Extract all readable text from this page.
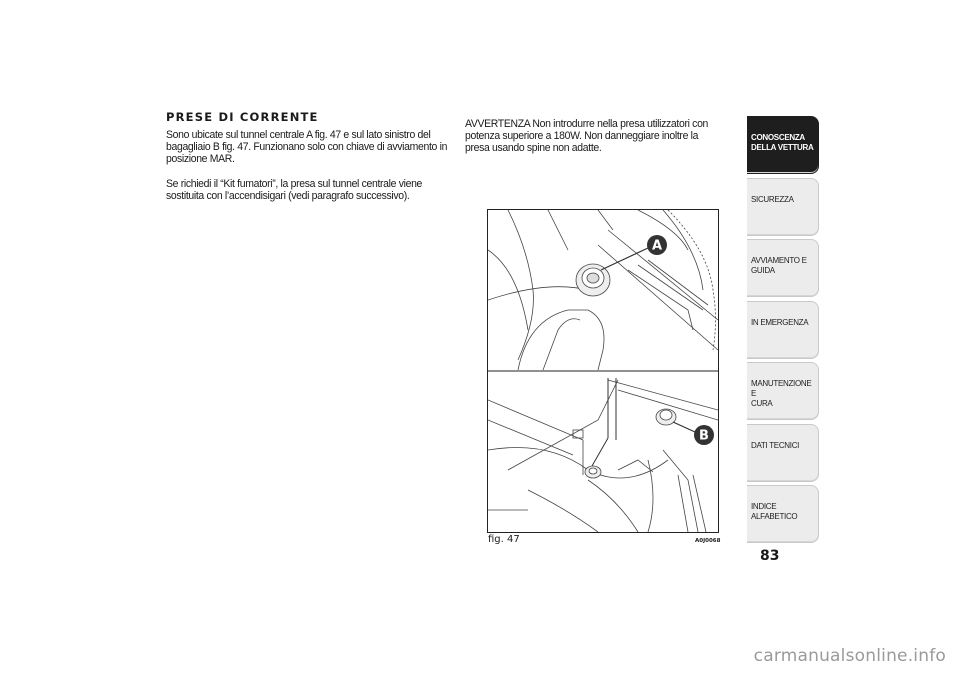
PRESE DI CORRENTE

Sono ubicate sul tunnel centrale A fig. 47 e sul lato sinistro del bagagliaio B fig. 47. Funzionano solo con chiave di avviamento in posizione MAR.

Se richiedi il “Kit fumatori”, la presa sul tunnel centrale viene sostituita con l’accendisigari (vedi paragrafo successivo).

AVVERTENZA Non introdurre nella presa utilizzatori con potenza superiore a 180W. Non danneggiare inoltre la presa usando spine non adatte.

A
B
fig. 47	A0J0068
CONOSCENZA
DELLA VETTURA
SICUREZZA
AVVIAMENTO E
GUIDA
IN EMERGENZA
MANUTENZIONE E
CURA
DATI TECNICI
INDICE ALFABETICO
83
carmanualsonline.info
